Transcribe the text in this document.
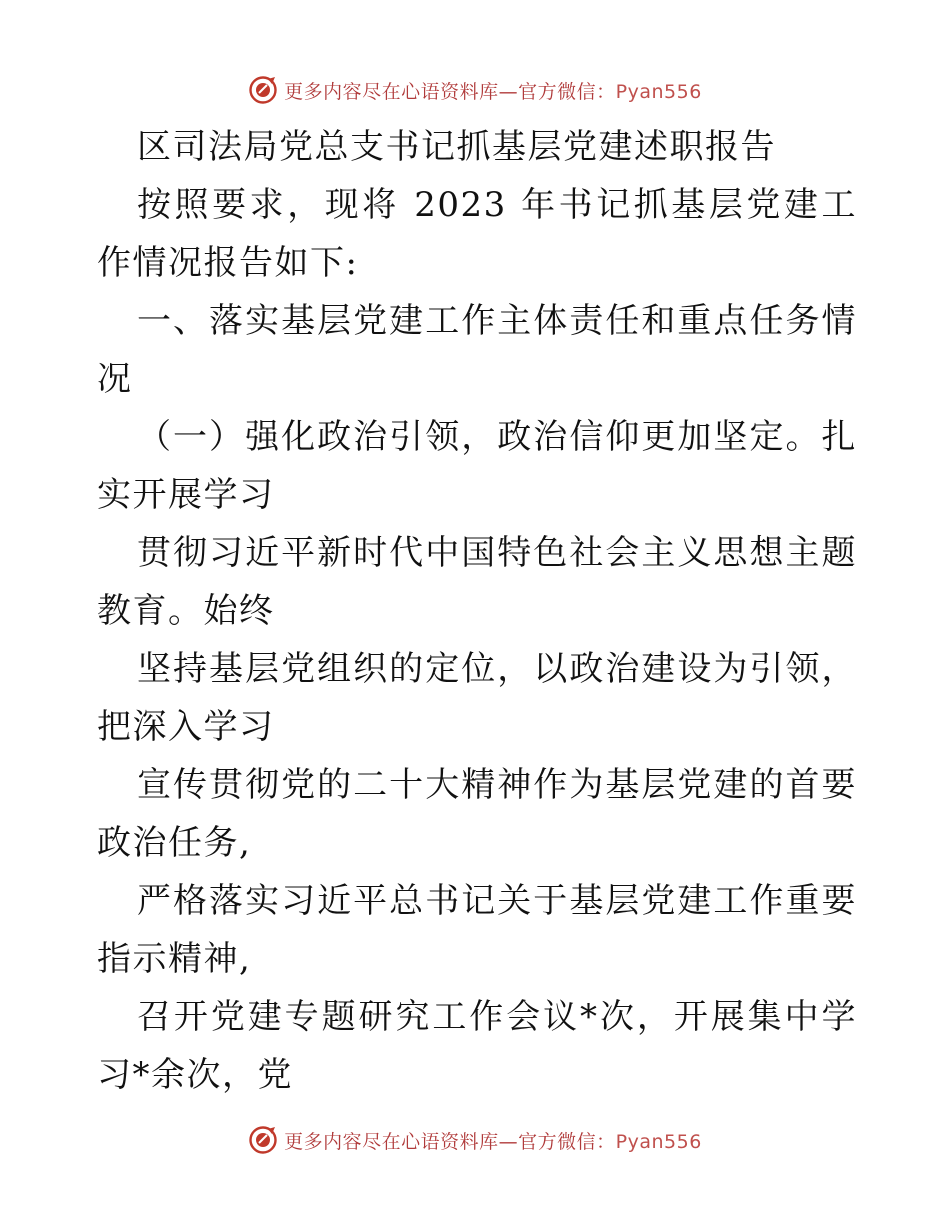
更多内容尽在心语资料库—官方微信：Pyan556

区司法局党总支书记抓基层党建述职报告

按照要求，现将 2023 年书记抓基层党建工作情况报告如下:

一、落实基层党建工作主体责任和重点任务情况

（一）强化政治引领，政治信仰更加坚定。扎实开展学习

贯彻习近平新时代中国特色社会主义思想主题教育。始终

坚持基层党组织的定位，以政治建设为引领，把深入学习

宣传贯彻党的二十大精神作为基层党建的首要政治任务,

严格落实习近平总书记关于基层党建工作重要指示精神,

召开党建专题研究工作会议*次，开展集中学习*余次，党

更多内容尽在心语资料库—官方微信：Pyan556
